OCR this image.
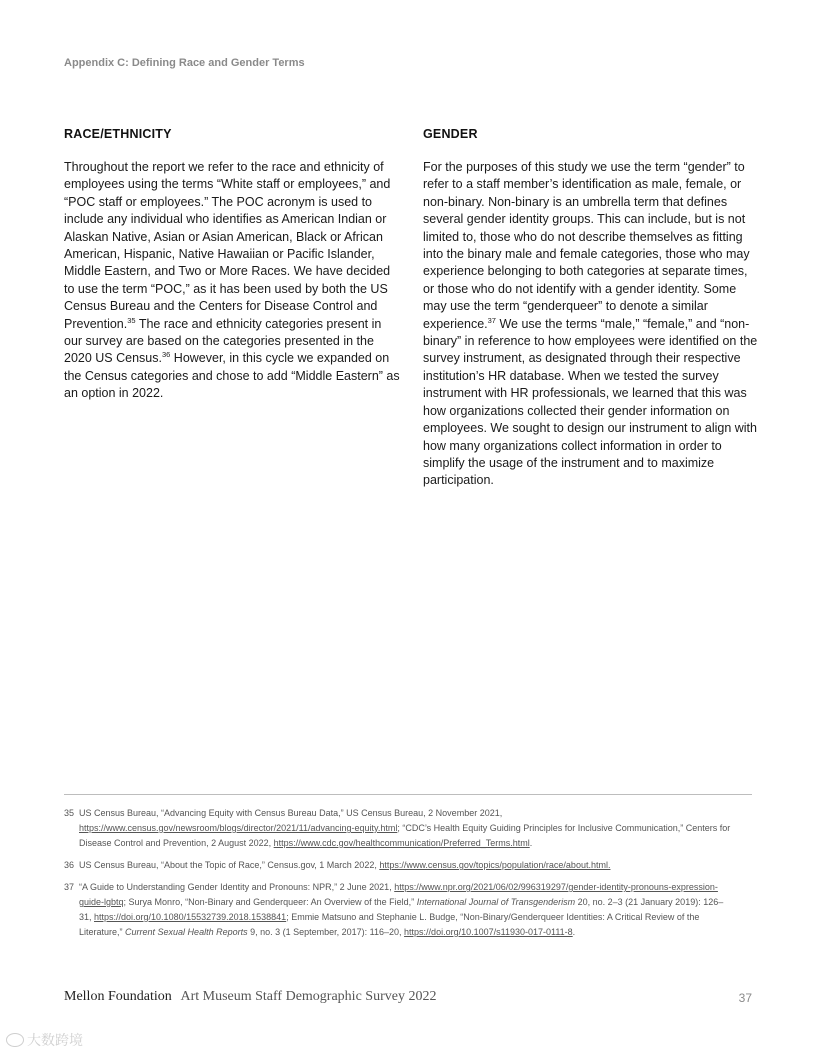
Appendix C: Defining Race and Gender Terms
RACE/ETHNICITY

Throughout the report we refer to the race and ethnicity of employees using the terms “White staff or employees,” and “POC staff or employees.” The POC acronym is used to include any individual who identifies as American Indian or Alaskan Native, Asian or Asian American, Black or African American, Hispanic, Native Hawaiian or Pacific Islander, Middle Eastern, and Two or More Races. We have decided to use the term “POC,” as it has been used by both the US Census Bureau and the Centers for Disease Control and Prevention.$^{35}$ The race and ethnicity categories present in our survey are based on the categories presented in the 2020 US Census.$^{36}$ However, in this cycle we expanded on the Census categories and chose to add “Middle Eastern” as an option in 2022.

GENDER

For the purposes of this study we use the term “gender” to refer to a staff member’s identification as male, female, or non-binary. Non-binary is an umbrella term that defines several gender identity groups. This can include, but is not limited to, those who do not describe themselves as fitting into the binary male and female categories, those who may experience belonging to both categories at separate times, or those who do not identify with a gender identity. Some may use the term “genderqueer” to denote a similar experience.$^{37}$ We use the terms “male,” “female,” and “non-binary” in reference to how employees were identified on the survey instrument, as designated through their respective institution’s HR database. When we tested the survey instrument with HR professionals, we learned that this was how organizations collected their gender information on employees. We sought to design our instrument to align with how many organizations collect information in order to simplify the usage of the instrument and to maximize participation.

35 US Census Bureau, “Advancing Equity with Census Bureau Data,” US Census Bureau, 2 November 2021, https://www.census.gov/newsroom/blogs/director/2021/11/advancing-equity.html; “CDC’s Health Equity Guiding Principles for Inclusive Communication,” Centers for Disease Control and Prevention, 2 August 2022, https://www.cdc.gov/healthcommunication/Preferred_Terms.html.
36 US Census Bureau, “About the Topic of Race,” Census.gov, 1 March 2022, https://www.census.gov/topics/population/race/about.html.
37 “A Guide to Understanding Gender Identity and Pronouns: NPR,” 2 June 2021, https://www.npr.org/2021/06/02/996319297/gender-identity-pronouns-expression-guide-lgbtq; Surya Monro, “Non-Binary and Genderqueer: An Overview of the Field,” International Journal of Transgenderism 20, no. 2–3 (21 January 2019): 126–31, https://doi.org/10.1080/15532739.2018.1538841; Emmie Matsuno and Stephanie L. Budge, “Non-Binary/Genderqueer Identities: A Critical Review of the Literature,” Current Sexual Health Reports 9, no. 3 (1 September, 2017): 116–20, https://doi.org/10.1007/s11930-017-0111-8.
Mellon Foundation Art Museum Staff Demographic Survey 2022	37
大数跨境
